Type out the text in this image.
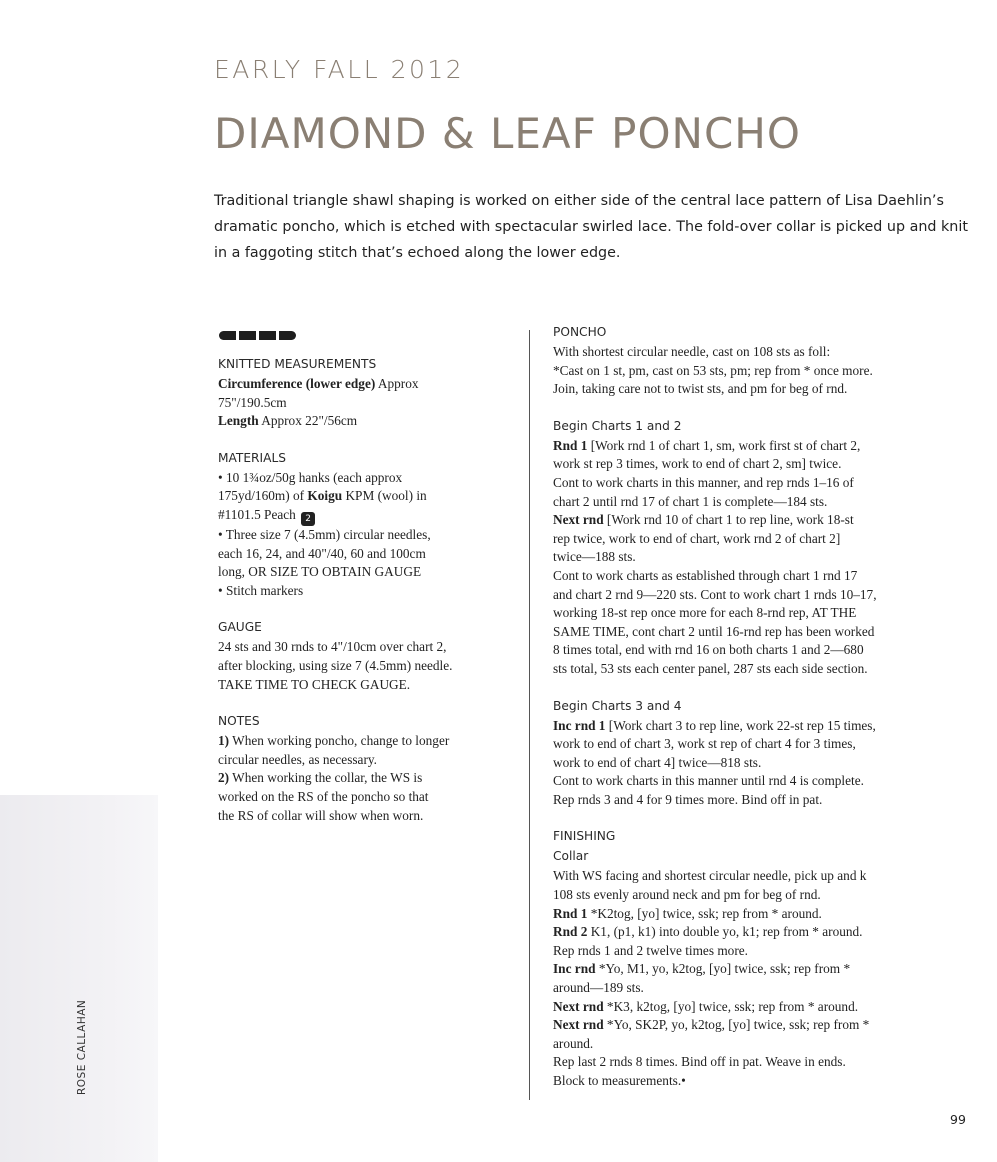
ROSE CALLAHAN
EARLY FALL 2012
DIAMOND & LEAF PONCHO

Traditional triangle shawl shaping is worked on either side of the central lace pattern of Lisa Daehlin’s dramatic poncho, which is etched with spectacular swirled lace. The fold-over collar is picked up and knit in a faggoting stitch that’s echoed along the lower edge.

KNITTED MEASUREMENTS
Circumference (lower edge) Approx
75"/190.5cm
Length Approx 22"/56cm
MATERIALS
• 10 1¾oz/50g hanks (each approx
175yd/160m) of Koigu KPM (wool) in
#1101.5 Peach 2
• Three size 7 (4.5mm) circular needles,
each 16, 24, and 40"/40, 60 and 100cm
long, OR SIZE TO OBTAIN GAUGE
• Stitch markers
GAUGE
24 sts and 30 rnds to 4"/10cm over chart 2,
after blocking, using size 7 (4.5mm) needle.
TAKE TIME TO CHECK GAUGE.
NOTES
1) When working poncho, change to longer
circular needles, as necessary.
2) When working the collar, the WS is
worked on the RS of the poncho so that
the RS of collar will show when worn.
PONCHO
With shortest circular needle, cast on 108 sts as foll:
*Cast on 1 st, pm, cast on 53 sts, pm; rep from * once more.
Join, taking care not to twist sts, and pm for beg of rnd.
Begin Charts 1 and 2
Rnd 1 [Work rnd 1 of chart 1, sm, work first st of chart 2,
work st rep 3 times, work to end of chart 2, sm] twice.
Cont to work charts in this manner, and rep rnds 1–16 of
chart 2 until rnd 17 of chart 1 is complete—184 sts.
Next rnd [Work rnd 10 of chart 1 to rep line, work 18-st
rep twice, work to end of chart, work rnd 2 of chart 2]
twice—188 sts.
Cont to work charts as established through chart 1 rnd 17
and chart 2 rnd 9—220 sts. Cont to work chart 1 rnds 10–17,
working 18-st rep once more for each 8-rnd rep, AT THE
SAME TIME, cont chart 2 until 16-rnd rep has been worked
8 times total, end with rnd 16 on both charts 1 and 2—680
sts total, 53 sts each center panel, 287 sts each side section.
Begin Charts 3 and 4
Inc rnd 1 [Work chart 3 to rep line, work 22-st rep 15 times,
work to end of chart 3, work st rep of chart 4 for 3 times,
work to end of chart 4] twice—818 sts.
Cont to work charts in this manner until rnd 4 is complete.
Rep rnds 3 and 4 for 9 times more. Bind off in pat.
FINISHING
Collar
With WS facing and shortest circular needle, pick up and k
108 sts evenly around neck and pm for beg of rnd.
Rnd 1 *K2tog, [yo] twice, ssk; rep from * around.
Rnd 2 K1, (p1, k1) into double yo, k1; rep from * around.
Rep rnds 1 and 2 twelve times more.
Inc rnd *Yo, M1, yo, k2tog, [yo] twice, ssk; rep from *
around—189 sts.
Next rnd *K3, k2tog, [yo] twice, ssk; rep from * around.
Next rnd *Yo, SK2P, yo, k2tog, [yo] twice, ssk; rep from *
around.
Rep last 2 rnds 8 times. Bind off in pat. Weave in ends.
Block to measurements.•
99
